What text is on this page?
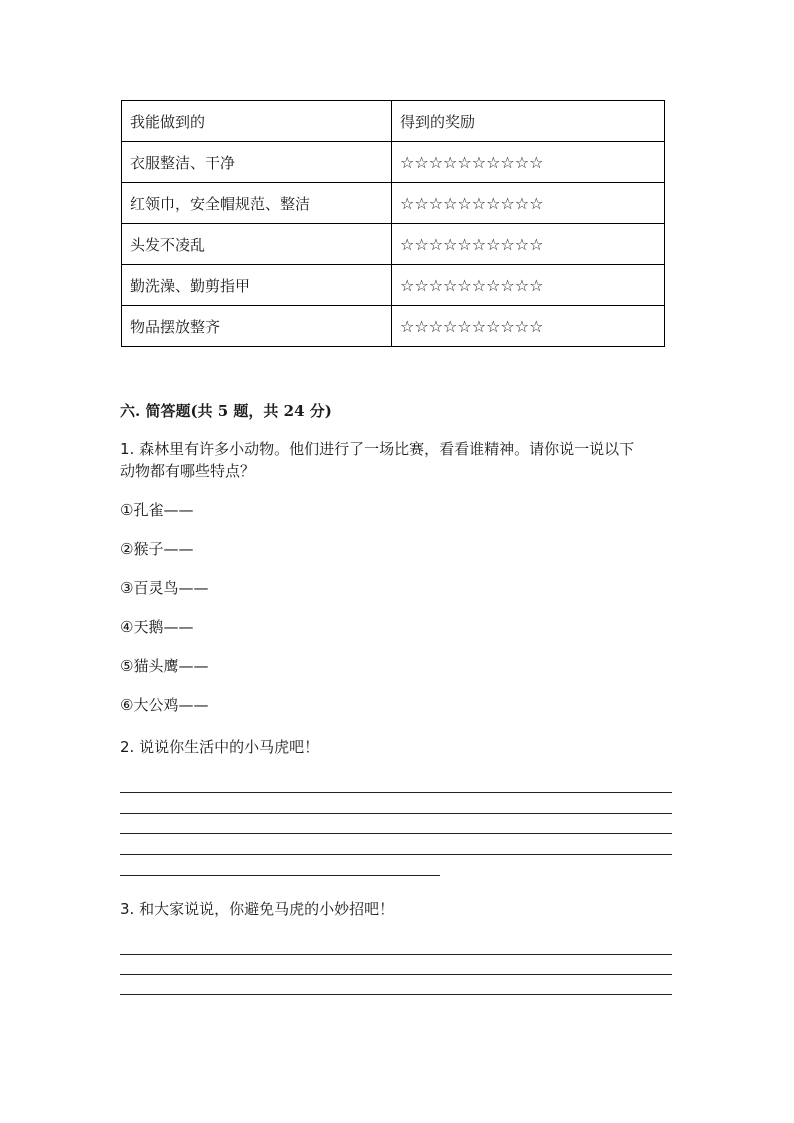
我能做到的	得到的奖励
衣服整洁、干净	☆☆☆☆☆☆☆☆☆☆
红领巾，安全帽规范、整洁	☆☆☆☆☆☆☆☆☆☆
头发不凌乱	☆☆☆☆☆☆☆☆☆☆
勤洗澡、勤剪指甲	☆☆☆☆☆☆☆☆☆☆
物品摆放整齐	☆☆☆☆☆☆☆☆☆☆
六. 简答题(共 5 题，共 24 分)
1. 森林里有许多小动物。他们进行了一场比赛，看看谁精神。请你说一说以下
动物都有哪些特点？
①孔雀——
②猴子——
③百灵鸟——
④天鹅——
⑤猫头鹰——
⑥大公鸡——
2. 说说你生活中的小马虎吧！
3. 和大家说说，你避免马虎的小妙招吧！
